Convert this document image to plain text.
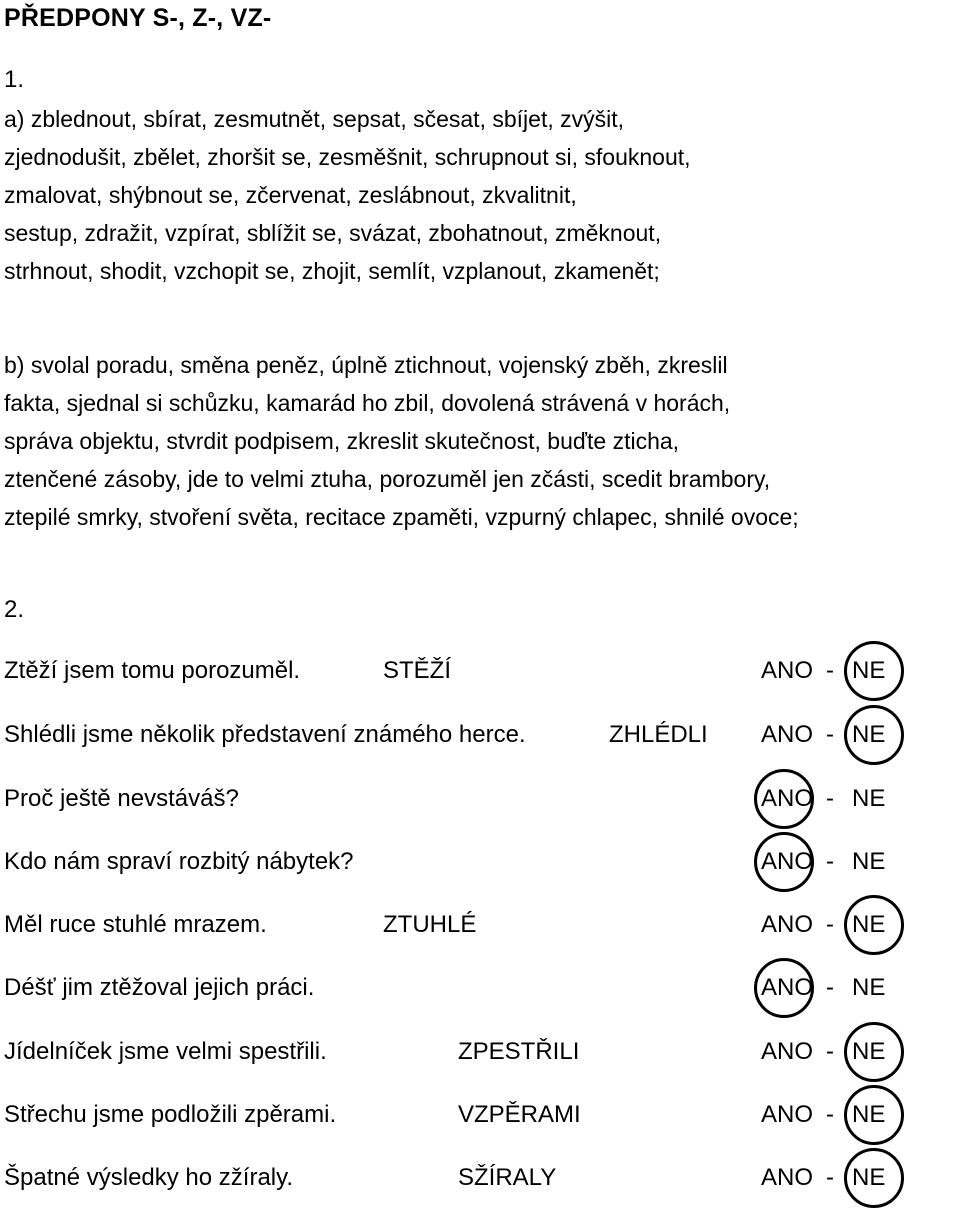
PŘEDPONY S-, Z-, VZ-
1.
a) zblednout, sbírat, zesmutnět, sepsat, sčesat, sbíjet, zvýšit,
zjednodušit, zbělet, zhoršit se, zesměšnit, schrupnout si, sfouknout,
zmalovat, shýbnout se, zčervenat, zeslábnout, zkvalitnit,
sestup, zdražit, vzpírat, sblížit se, svázat, zbohatnout, změknout,
strhnout, shodit, vzchopit se, zhojit, semlít, vzplanout, zkamenět;
b) svolal poradu, směna peněz, úplně ztichnout, vojenský zběh, zkreslil
fakta, sjednal si schůzku, kamarád ho zbil, dovolená strávená v horách,
správa objektu, stvrdit podpisem, zkreslit skutečnost, buďte zticha,
ztenčené zásoby, jde to velmi ztuha, porozuměl jen zčásti, scedit brambory,
ztepilé smrky, stvoření světa, recitace zpaměti, vzpurný chlapec, shnilé ovoce;
2.
Ztěží jsem tomu porozuměl.	STĚŽÍ	ANO - NE
Shlédli jsme několik představení známého herce.	ZHLÉDLI ANO - NE
Proč ještě nevstáváš?	ANO - NE
Kdo nám spraví rozbitý nábytek?	ANO - NE
Měl ruce stuhlé mrazem.	ZTUHLÉ	ANO - NE
Déšť jim ztěžoval jejich práci.	ANO - NE
Jídelníček jsme velmi spestřili.	ZPESTŘILI	ANO - NE
Střechu jsme podložili zpěrami.	VZPĚRAMI	ANO - NE
Špatné výsledky ho zžíraly.	SŽÍRALY	ANO - NE
